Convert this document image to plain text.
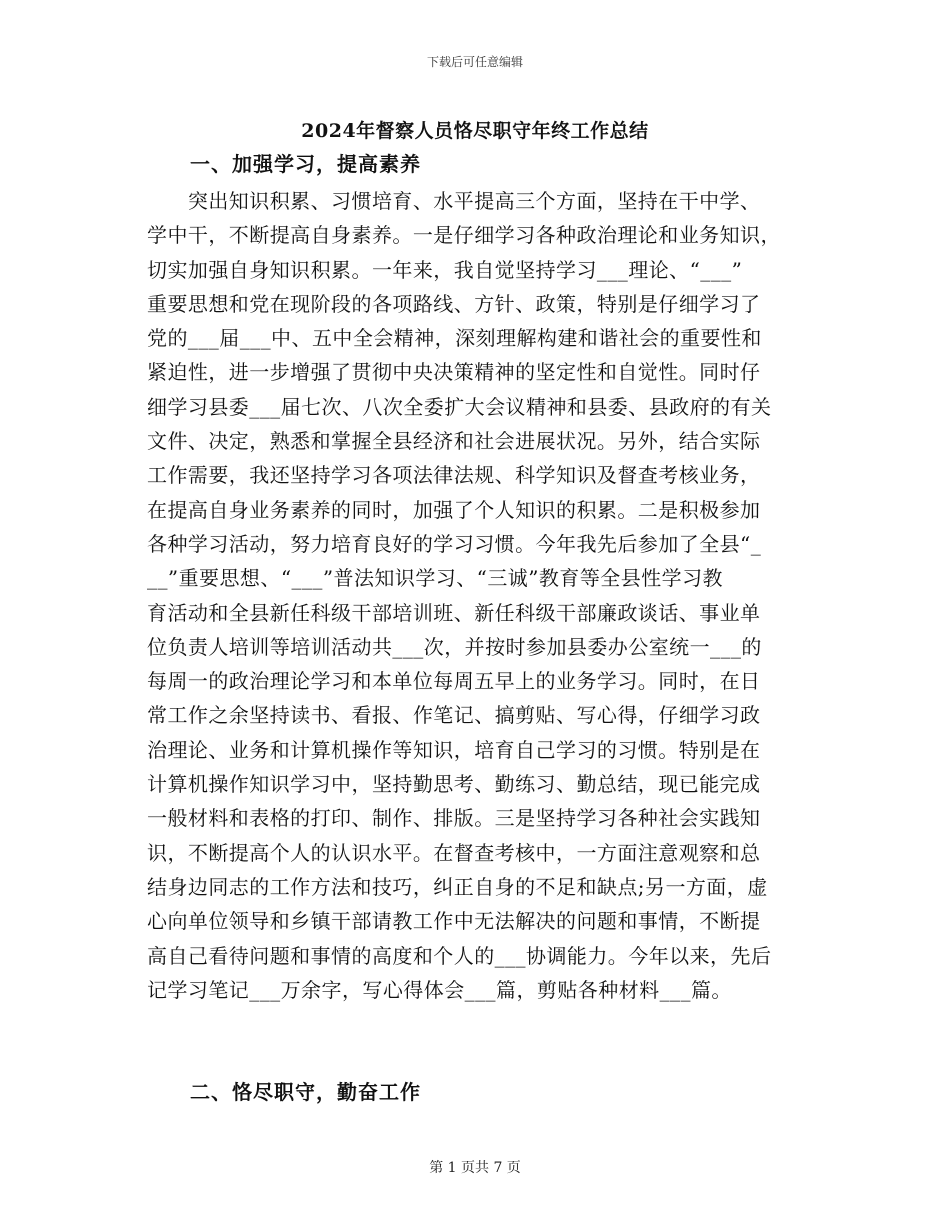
下载后可任意编辑
2024年督察人员恪尽职守年终工作总结
一、加强学习，提高素养
　　突出知识积累、习惯培育、水平提高三个方面，坚持在干中学、
学中干，不断提高自身素养。一是仔细学习各种政治理论和业务知识，
切实加强自身知识积累。一年来，我自觉坚持学习___理论、“___”
重要思想和党在现阶段的各项路线、方针、政策，特别是仔细学习了
党的___届___中、五中全会精神，深刻理解构建和谐社会的重要性和
紧迫性，进一步增强了贯彻中央决策精神的坚定性和自觉性。同时仔
细学习县委___届七次、八次全委扩大会议精神和县委、县政府的有关
文件、决定，熟悉和掌握全县经济和社会进展状况。另外，结合实际
工作需要，我还坚持学习各项法律法规、科学知识及督查考核业务，
在提高自身业务素养的同时，加强了个人知识的积累。二是积极参加
各种学习活动，努力培育良好的学习习惯。今年我先后参加了全县“_
__”重要思想、“___”普法知识学习、“三诚”教育等全县性学习教
育活动和全县新任科级干部培训班、新任科级干部廉政谈话、事业单
位负责人培训等培训活动共___次，并按时参加县委办公室统一___的
每周一的政治理论学习和本单位每周五早上的业务学习。同时，在日
常工作之余坚持读书、看报、作笔记、搞剪贴、写心得，仔细学习政
治理论、业务和计算机操作等知识，培育自己学习的习惯。特别是在
计算机操作知识学习中，坚持勤思考、勤练习、勤总结，现已能完成
一般材料和表格的打印、制作、排版。三是坚持学习各种社会实践知
识，不断提高个人的认识水平。在督查考核中，一方面注意观察和总
结身边同志的工作方法和技巧，纠正自身的不足和缺点;另一方面，虚
心向单位领导和乡镇干部请教工作中无法解决的问题和事情，不断提
高自己看待问题和事情的高度和个人的___协调能力。今年以来，先后
记学习笔记___万余字，写心得体会___篇，剪贴各种材料___篇。
二、恪尽职守，勤奋工作
第 1 页共 7 页
